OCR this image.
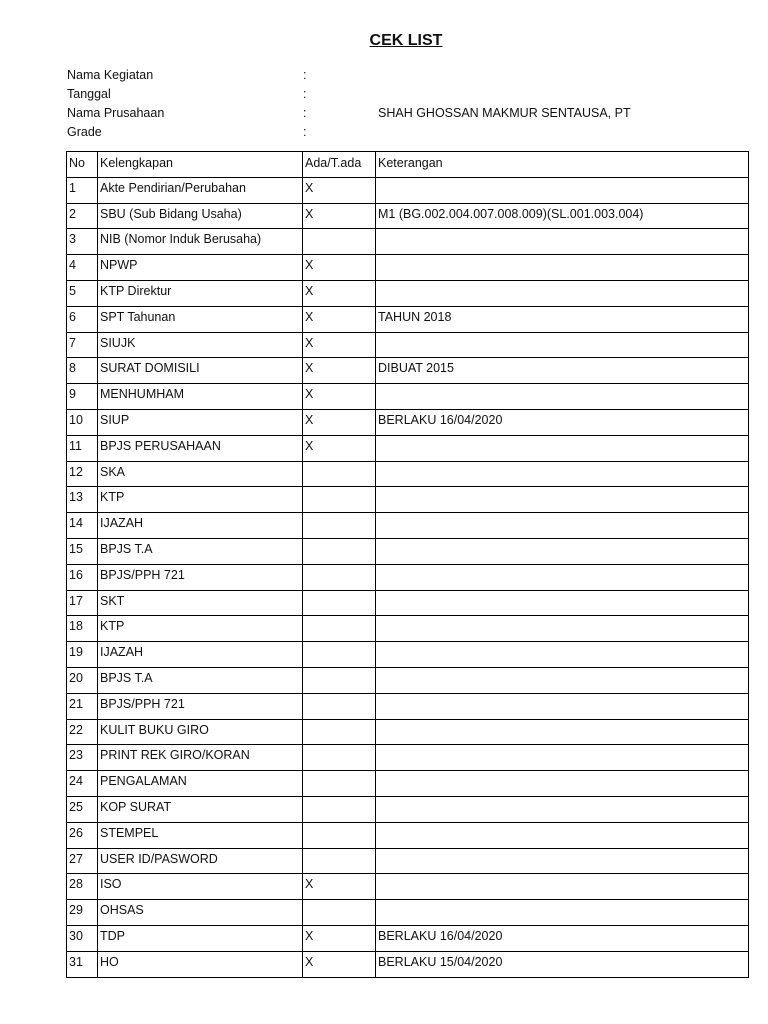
CEK LIST
Nama Kegiatan	:
Tanggal	:
Nama Prusahaan	:	SHAH GHOSSAN MAKMUR SENTAUSA, PT
Grade	:
No	Kelengkapan	Ada/T.ada	Keterangan
1	Akte Pendirian/Perubahan	X	
2	SBU (Sub Bidang Usaha)	X	M1 (BG.002.004.007.008.009)(SL.001.003.004)
3	NIB (Nomor Induk Berusaha)		
4	NPWP	X	
5	KTP Direktur	X	
6	SPT Tahunan	X	TAHUN 2018
7	SIUJK	X	
8	SURAT DOMISILI	X	DIBUAT 2015
9	MENHUMHAM	X	
10	SIUP	X	BERLAKU 16/04/2020
11	BPJS PERUSAHAAN	X	
12	SKA		
13	KTP		
14	IJAZAH		
15	BPJS T.A		
16	BPJS/PPH 721		
17	SKT		
18	KTP		
19	IJAZAH		
20	BPJS T.A		
21	BPJS/PPH 721		
22	KULIT BUKU GIRO		
23	PRINT REK GIRO/KORAN		
24	PENGALAMAN		
25	KOP SURAT		
26	STEMPEL		
27	USER ID/PASWORD		
28	ISO	X	
29	OHSAS		
30	TDP	X	BERLAKU 16/04/2020
31	HO	X	BERLAKU 15/04/2020
